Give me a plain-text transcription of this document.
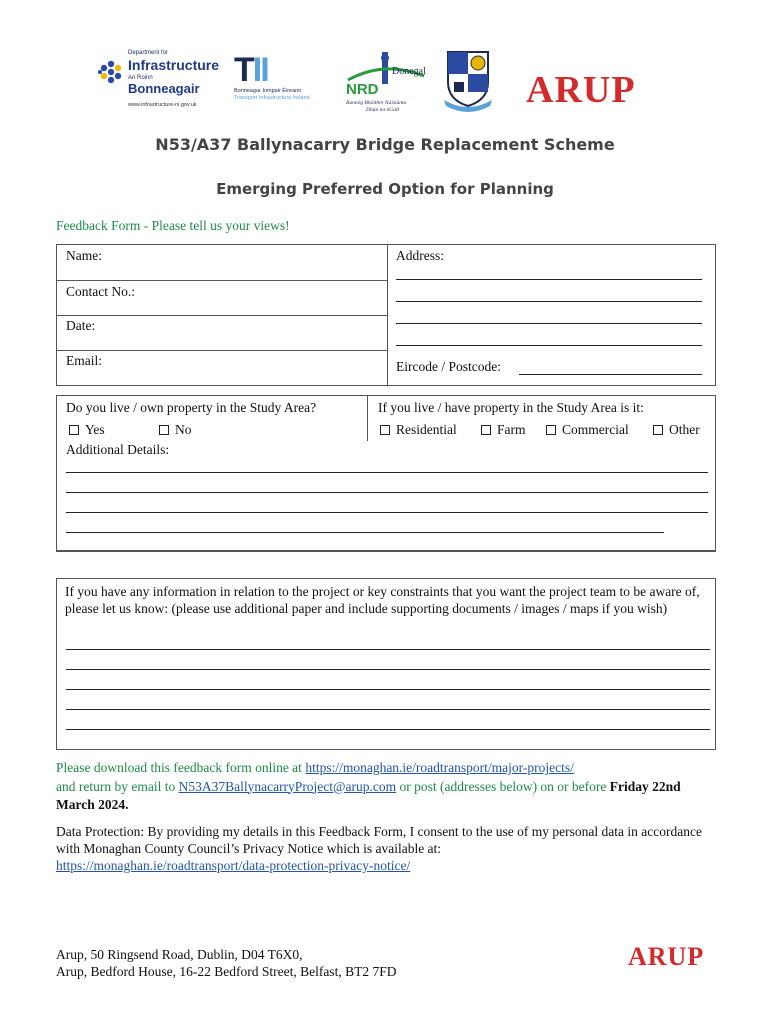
Department for
Infrastructure
An Roinn
Bonneagair
www.infrastructure-ni.gov.uk
TII
Bonneagar Iompair Éireann
Transport Infrastructure Ireland
Donegal
NRD
Rannóg Bhóithre Náisiúnta
Dhún na nGall	ARUP
N53/A37 Ballynacarry Bridge Replacement Scheme
Emerging Preferred Option for Planning
Feedback Form - Please tell us your views!
Name:
Contact No.:
Date:
Email:
Address:
Eircode / Postcode:
Do you live / own property in the Study Area?
Yes	No
If you live / have property in the Study Area is it:
Residential	Farm	Commercial	Other
Additional Details:
If you have any information in relation to the project or key constraints that you want the project team to be aware of, please let us know: (please use additional paper and include supporting documents / images / maps if you wish)
Please download this feedback form online at https://monaghan.ie/roadtransport/major-projects/
and return by email to N53A37BallynacarryProject@arup.com or post (addresses below) on or before Friday 22nd March 2024.
Data Protection: By providing my details in this Feedback Form, I consent to the use of my personal data in accordance with Monaghan County Council’s Privacy Notice which is available at:
https://monaghan.ie/roadtransport/data-protection-privacy-notice/
Arup, 50 Ringsend Road, Dublin, D04 T6X0,
Arup, Bedford House, 16-22 Bedford Street, Belfast, BT2 7FD
ARUP
